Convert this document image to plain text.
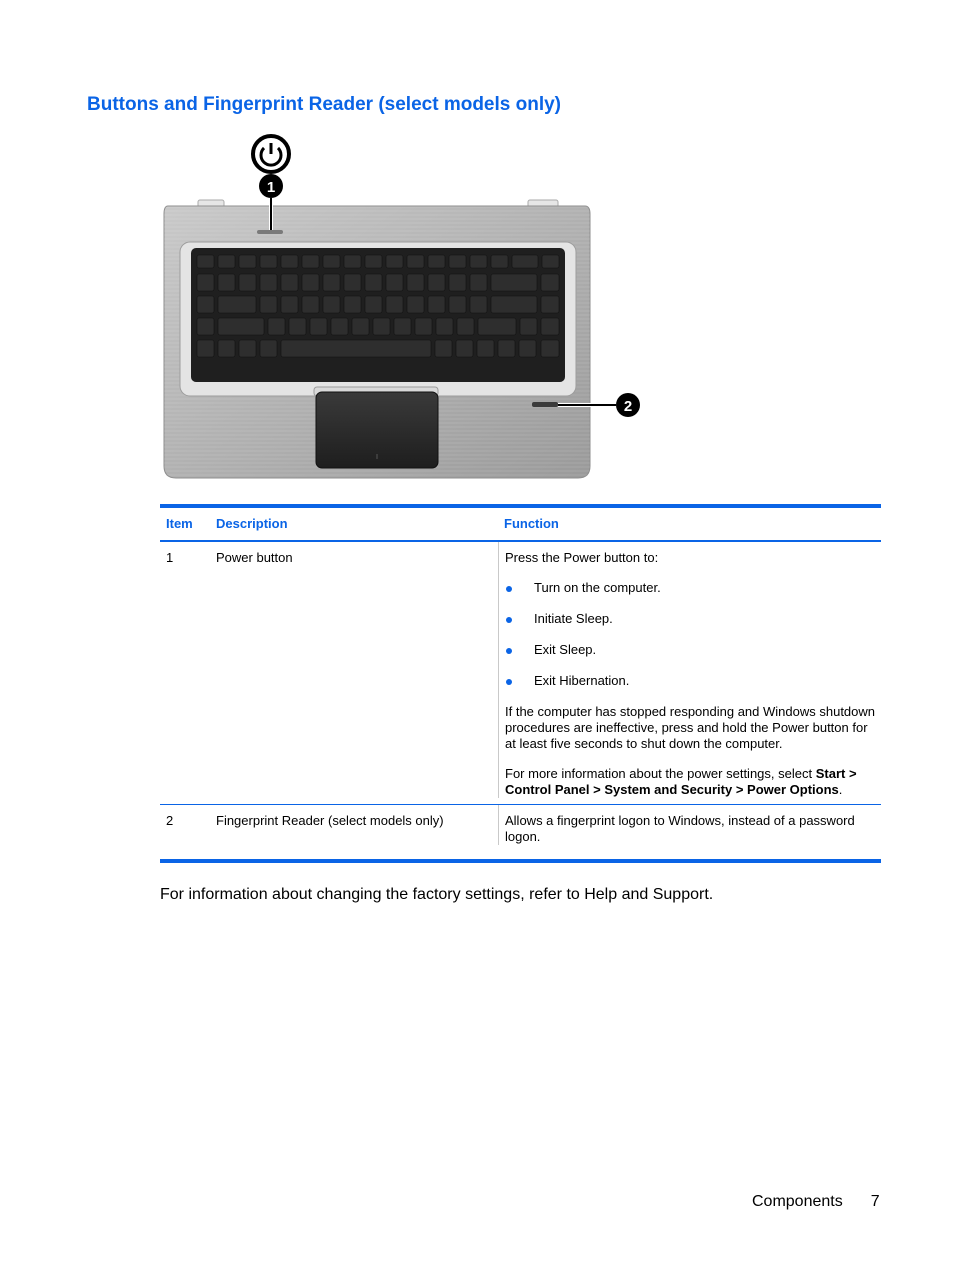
Buttons and Fingerprint Reader (select models only)
1
2
Item	Description	Function
1	Power button	Press the Power button to:

Turn on the computer.

Initiate Sleep.

Exit Sleep.

Exit Hibernation.

If the computer has stopped responding and Windows shutdown procedures are ineffective, press and hold the Power button for at least five seconds to shut down the computer.

For more information about the power settings, select Start > Control Panel > System and Security > Power Options.

2	Fingerprint Reader (select models only)	Allows a fingerprint logon to Windows, instead of a password logon.

For information about changing the factory settings, refer to Help and Support.

Components 7
